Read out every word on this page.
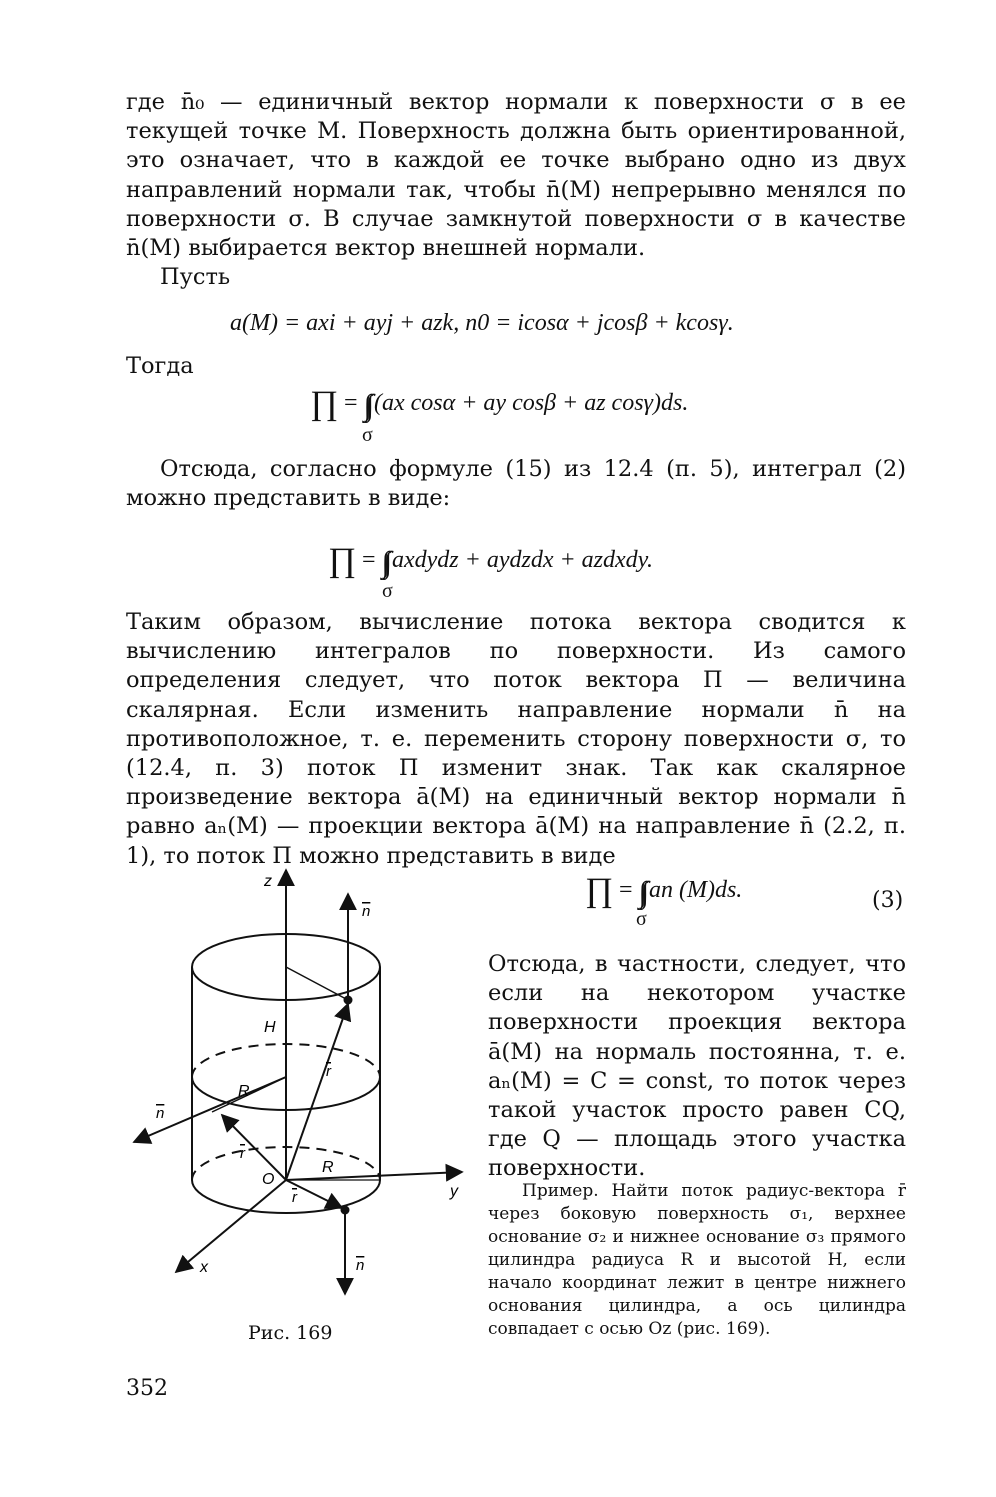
где n̄₀ — единичный вектор нормали к поверхности σ в ее текущей точке M. Поверхность должна быть ориентированной, это означает, что в каждой ее точке выбрано одно из двух направлений нормали так, чтобы n̄(M) непрерывно менялся по поверхности σ. В случае замкнутой поверхности σ в качестве n̄(M) выбирается вектор внешней нормали.

Пусть

a(M) = axi + ayj + azk, n0 = icosα + jcosβ + kcosγ.

Тогда

∏ = ∫∫ (ax cosα + ay cosβ + az cosγ)ds.
σ

Отсюда, согласно формуле (15) из 12.4 (п. 5), интеграл (2) можно представить в виде:

∏ = ∫∫ axdydz + aydzdx + azdxdy.
σ

Таким образом, вычисление потока вектора сводится к вычислению интегралов по поверхности. Из самого определения следует, что поток вектора П — величина скалярная. Если изменить направление нормали n̄ на противоположное, т. е. переменить сторону поверхности σ, то (12.4, п. 3) поток П изменит знак. Так как скалярное произведение вектора ā(M) на единичный вектор нормали n̄ равно aₙ(M) — проекции вектора ā(M) на направление n̄ (2.2, п. 1), то поток П можно представить в виде

∏ = ∫∫ an (M)ds.
σ
(3)

Отсюда, в частности, следует, что если на некотором участке поверхности проекция вектора ā(M) на нормаль постоянна, т. е. aₙ(M) = C = const, то поток через такой участок просто равен CQ, где Q — площадь этого участка поверхности.

Пример. Найти поток радиус-вектора r̄ через боковую поверхность σ₁, верхнее основание σ₂ и нижнее основание σ₃ прямого цилиндра радиуса R и высотой H, если начало координат лежит в центре нижнего основания цилиндра, а ось цилиндра совпадает с осью Oz (рис. 169).

z
y
x
O
H
R
R
n
n
n
r
r
r
Рис. 169
352
